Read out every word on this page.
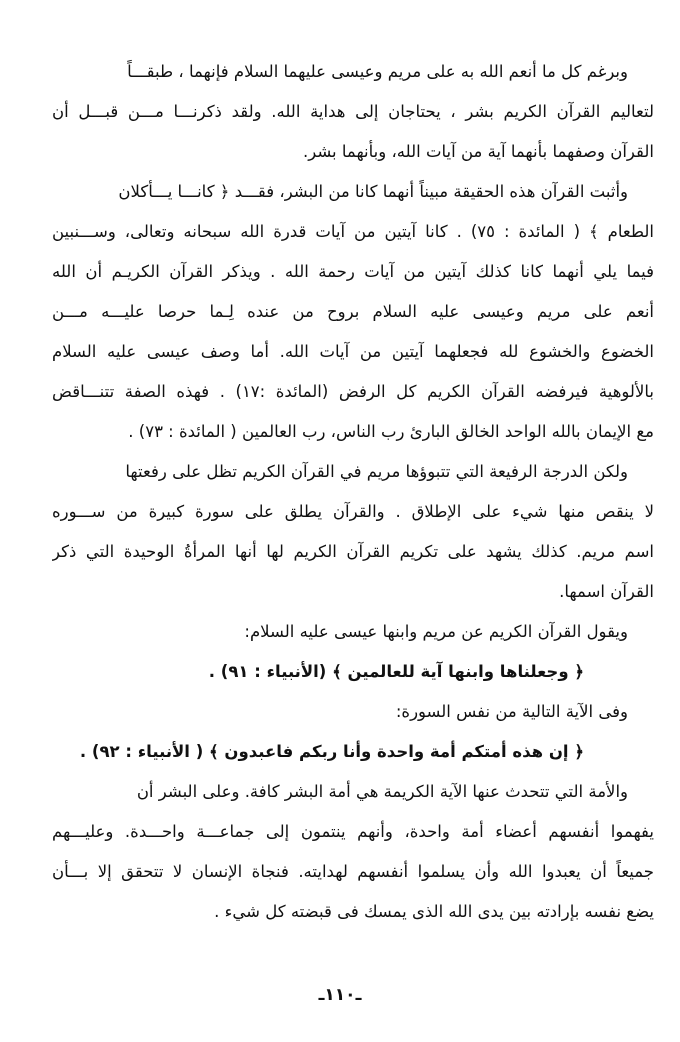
وبرغم كل ما أنعم الله به على مريم وعيسى عليهما السلام فإنهما ، طبقـــاً
لتعاليم القرآن الكريم بشر ، يحتاجان إلى هداية الله. ولقد ذكرنـــا مـــن قبـــل أن
القرآن وصفهما بأنهما آية من آيات الله، وبأنهما بشر.
وأثبت القرآن هذه الحقيقة مبيناً أنهما كانا من البشر، فقـــد ﴿ كانـــا يـــأكلان
الطعام ﴾ ( المائدة : ٧٥) . كانا آيتين من آيات قدرة الله سبحانه وتعالى، وســـنبين
فيما يلي أنهما كانا كذلك آيتين من آيات رحمة الله . ويذكر القرآن الكريـم أن الله
أنعم على مريم وعيسى عليه السلام بروح من عنده لِـما حرصا عليـــه مـــن
الخضوع والخشوع لله فجعلهما آيتين من آيات الله. أما وصف عيسى عليه السلام
بالألوهية فيرفضه القرآن الكريم كل الرفض (المائدة :١٧) . فهذه الصفة تتنـــاقض
مع الإيمان بالله الواحد الخالق البارئ رب الناس، رب العالمين ( المائدة : ٧٣) .
ولكن الدرجة الرفيعة التي تتبوؤها مريم في القرآن الكريم تظل على رفعتها
لا ينقص منها شيء على الإطلاق . والقرآن يطلق على سورة كبيرة من ســـوره
اسم مريم. كذلك يشهد على تكريم القرآن الكريم لها أنها المرأةُ الوحيدة التي ذكر
القرآن اسمها.
ويقول القرآن الكريم عن مريم وابنها عيسى عليه السلام:
﴿ وجعلناها وابنها آية للعالمين ﴾ (الأنبياء : ٩١) .
وفى الآية التالية من نفس السورة:
﴿ إن هذه أمتكم أمة واحدة وأنا ربكم فاعبدون ﴾ ( الأنبياء : ٩٢) .
والأمة التي تتحدث عنها الآية الكريمة هي أمة البشر كافة. وعلى البشر أن
يفهموا أنفسهم أعضاء أمة واحدة، وأنهم ينتمون إلى جماعـــة واحـــدة. وعليـــهم
جميعاً أن يعبدوا الله وأن يسلموا أنفسهم لهدايته. فنجاة الإنسان لا تتحقق إلا بـــأن
يضع نفسه بإرادته بين يدى الله الذى يمسك فى قبضته كل شيء .
ـ١١٠ـ
